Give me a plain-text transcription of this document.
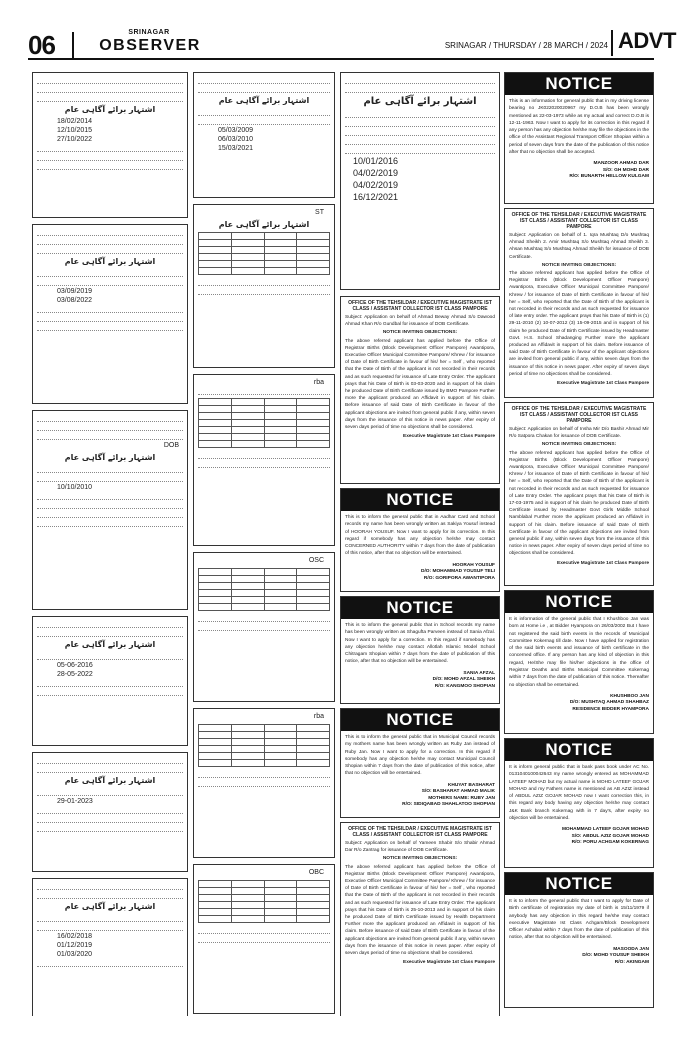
06	SRINAGAR
OBSERVER	SRINAGAR / THURSDAY / 28 MARCH / 2024 ADVT
اشتہار برائے آگاہی عام
18/02/2014
12/10/2015
27/10/2022
اشتہار برائے آگاہی عام
03/09/2019
03/08/2022
DOB
اشتہار برائے آگاہی عام
10/10/2010
اشتہار برائے آگاہی عام
05-06-2016
28-05-2022
اشتہار برائے آگاہی عام
29-01-2023
اشتہار برائے آگاہی عام
16/02/2018
01/12/2019
01/03/2020
اشتہار برائے آگاہی عام
05/03/2009
06/03/2010
15/03/2021
ST
اشتہار برائے آگاہی عام

rba

OSC

rba

OBC

اشتہار برائے آگاہی عام
10/01/2016
04/02/2019
04/02/2019
16/12/2021
OFFICE OF THE TEHSILDAR / EXECUTIVE MAGISTRATE IST CLASS / ASSISTANT COLLECTOR IST CLASS PAMPORE
Subject: Application on behalf of Ahmad Beway Ahmad S/o Dawood Ahmad Khan R/o Gundbal for issuance of DOB Certificate.
NOTICE INVITING OBJECTIONS:
The above referred applicant has applied before the Office of Registrar Births (Block Development Officer Pampore) Awantipora, Executive Officer Municipal Committee Pampore/ Khrew / for issuance of Date of Birth Certificate in favour of his/ her = Self , who reported that the Date of Birth of the applicant is not recorded in their records and as such requested for issuance of Late Entry Order. The applicant prays that his Date of Birth is 03-03-2020 and in support of his claim he produced Date of Birth Certificate issued by BMO Pampore Further more the applicant produced an Affidavit in support of his claim. Before issuance of said Date of Birth Certificate in favour of the applicant objections are invited from general public if any, within seven days from the issuance of this notice in news paper. After expiry of seven days period of time no objections shall be considered.
Executive Magistrate 1st Class Pampore
NOTICE
This is to inform the general public that in Aadhar Card and School records my name has been wrongly written as Sakiya Yousuf instead of HOORAH YOUSUF. Now I want to apply for its correction. In this regard if somebody has any objection he/she may contact CONCERNED AUTHORITY within 7 days from the date of publication of this notice, after that no objection will be entertained.
HOORAH YOUSUF
D/O: MOHAMMAD YOUSUF TELI
R/O: GORIPORA AWANTIPORA
NOTICE
This is to inform the general public that in School records my name has been wrongly written as Shagufta Parveen instead of Sania Afzal. Now I want to apply for a correction. In this regard if somebody has any objection he/she may contact Allotlah Islamic Model School Chitragam Shopian within 7 days from the date of publication of this notice, after that no objection will be entertained.
SANIA AFZAL
D/O: MOHD AFZAL SHEIKH
R/O: KANGMOO SHOPIAN
NOTICE
This is to inform the general public that in Municipal Council records my mothers name has been wrongly written as Ruby Jan instead of Ruby Jan. Now I want to apply for a correction. In this regard if somebody has any objection he/she may contact Municipal Council Shopian within 7 days from the date of publication of this notice, after that no objection will be entertained.
KHUYAT BASHARAT
S/O: BASHARAT AHMAD MALIK
MOTHERS NAME: RUBY JAN
R/O: SIDIQABAD SHAHLATOO SHOPIAN
OFFICE OF THE TEHSILDAR / EXECUTIVE MAGISTRATE IST CLASS / ASSISTANT COLLECTOR IST CLASS PAMPORE
Subject: Application on behalf of Yameen Shabir S/o Shabir Ahmad Dar R/o Zantrag for issuance of DOB Certificate.
NOTICE INVITING OBJECTIONS:
The above referred applicant has applied before the Office of Registrar Births (Block Development Officer Pampore) Awantipora, Executive Officer Municipal Committee Pampore/ Khrew / for issuance of Date of Birth Certificate in favour of his/ her = Self , who reported that the Date of Birth of the applicant is not recorded in their records and as such requested for issuance of Late Entry Order. The applicant prays that his Date of Birth is 25-10-2013 and in support of his claim he produced Date of Birth Certificate issued by Health Department Further more the applicant produced an Affidavit in support of his claim. Before issuance of said Date of Birth Certificate in favour of the applicant objections are invited from general public if any, within seven days from the issuance of this notice in news paper. After expiry of seven days period of time no objections shall be considered.
Executive Magistrate 1st Class Pampore
NOTICE
This is an information for general public that in my driving license bearing no JK022020020967 my D.O.B has been wrongly mentioned as 22-03-1973 while as my actual and correct D.O.B is 12-11-1963. Now I want to apply for its correction in this regard if any person has any objection he/she may file the objections in the office of the Assistant Regional Transport Officer Shopian within a period of seven days from the date of the publication of this notice after that no objection shall be accepted.
MANZOOR AHMAD DAR
S/O: GH MOHD DAR
R/O: BUNARTH HELLOW KULGAM
OFFICE OF THE TEHSILDAR / EXECUTIVE MAGISTRATE IST CLASS / ASSISTANT COLLECTOR IST CLASS PAMPORE
Subject: Application on behalf of 1. Iqra Mushtaq D/o Mushtaq Ahmad Sheikh 2. Amir Mushtaq S/o Mushtaq Ahmad Sheikh 3. Ahsan Mushtaq S/o Mushtaq Ahmad Sheikh for issuance of DOB Certificate.
NOTICE INVITING OBJECTIONS:
The above referred applicant has applied before the Office of Registrar Births (Block Development Officer Pampore) Awantipora, Executive Officer Municipal Committee Pampore/ Khrew / for issuance of Date of Birth Certificate in favour of his/ her = Self, who reported that the Date of Birth of the applicant is not recorded in their records and as such requested for issuance of late entry order. The applicant prays that his Date of Birth is (1) 29-11-2010 (2) 10-07-2012 (3) 15-09-2015 and in support of his claim he produced Date of Birth Certificate issued by Headmaster Govt. H.S. School Shadanging Further more the applicant produced an Affidavit in support of his claim. Before issuance of said Date of Birth Certificate in favour of the applicant objections are invited from general public if any, within seven days from the issuance of this notice in news paper. After expiry of seven days period of time no objections shall be considered.
Executive Magistrate 1st Class Pampore
OFFICE OF THE TEHSILDAR / EXECUTIVE MAGISTRATE IST CLASS / ASSISTANT COLLECTOR IST CLASS PAMPORE
Subject: Application on behalf of Insha Mir D/o Bashir Ahmad Mir R/o Satpora Chakan for issuance of DOB Certificate.
NOTICE INVITING OBJECTIONS:
The above referred applicant has applied before the Office of Registrar Births (Block Development Officer Pampore) Awantipora, Executive Officer Municipal Committee Pampore/ Khrew / for issuance of Date of Birth Certificate in favour of his/ her = Self, who reported that the Date of Birth of the applicant is not recorded in their records and as such requested for issuance of Late Entry Order. The applicant prays that his Date of Birth is 17-03-1975 and in support of his claim he produced Date of Birth Certificate issued by Headmaster Govt Girls Middle School Namblabal Further more the applicant produced an Affidavit in support of his claim. Before issuance of said Date of Birth Certificate in favour of the applicant objections are invited from general public if any, within seven days from the issuance of this notice in news paper. After expiry of seven days period of time no objections shall be considered.
Executive Magistrate 1st Class Pampore
NOTICE
It is information of the general public that I Khushboo Jan was born at Home i.e , at Bidder Hyampora on 26/03/2002 But I have not registered the said birth events in the records of Municipal Committee Kokernag till date. Now I have applied for registration of the said birth events and issuance of birth certificate in the concerned office. If any person has any kind of objection in this regard, He/She may file his/her objections in the office of Registrar Deaths and Births Municipal Committee Kokernag within 7 days from the date of publication of this notice. Thereafter no objection shall be entertained.
KHUSHBOO JAN
D/O: MUSHTAQ AHMAD SHAHBAZ
RESIDENCE BIDDER HYAMPORA
NOTICE
It is inform general public that in bank pass book under AC No. 0131040100042643 my name wrongly entered as MOHAMMAD LATEEF MOHAD but my actual name is MOHD LATEEF GOJAR MOHAD and my Fathers name is mentioned as AB AZIZ instead of ABDUL AZIZ GOJAR MOHAD now I want correction this, in this regard any body having any objection he/she may contact J&K Bank branch Kokernag with in 7 day's, after expiry no objection will be entertained.
MOHAMMAD LATEEF GOJAR MOHAD
S/O: ABDUL AZIZ GOJAR MOHAD
R/O: PORU ACHGAM KOKERNAG
NOTICE
It is to inform the general public that I want to apply for Date of Birth certificate of registration my date of birth is 15/11/1979 if anybody has any objection in this regard he/she may contact executive Magistrate Ist Class Achgam/Block Development Officer Achabal within 7 days from the date of publication of this notice, after that no objection will be entertained.
MASOODA JAN
D/O: MOHD YOUSUF SHEIKH
R/O: AKINGAM
